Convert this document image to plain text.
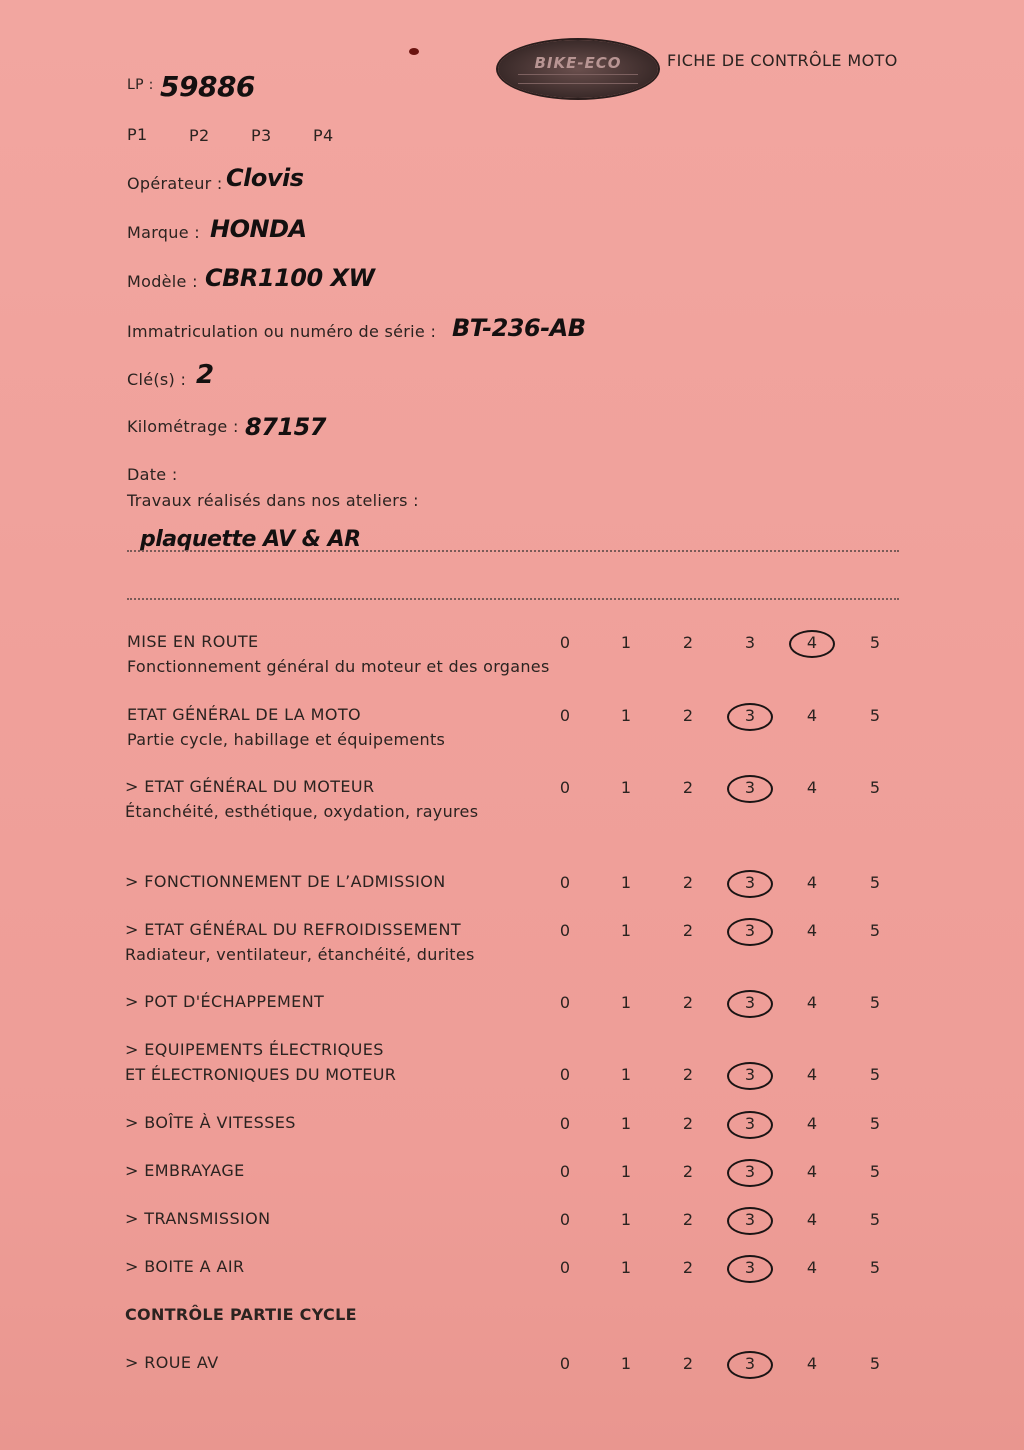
BIKE-ECO	FICHE DE CONTRÔLE MOTO
LP : 59886
P1	P2	P3	P4
Opérateur : Clovis
Marque : HONDA
Modèle : CBR1100 XW
Immatriculation ou numéro de série : BT-236-AB
Clé(s) : 2
Kilométrage : 87157
Date :
Travaux réalisés dans nos ateliers :
plaquette AV & AR
MISE EN ROUTE
Fonctionnement général du moteur et des organes
0	1	2	3	4	5
ETAT GÉNÉRAL DE LA MOTO
Partie cycle, habillage et équipements
0	1	2	3	4	5
> ETAT GÉNÉRAL DU MOTEUR
Étanchéité, esthétique, oxydation, rayures
0	1	2	3	4	5
> FONCTIONNEMENT DE L’ADMISSION	0	1	2	3	4	5
> ETAT GÉNÉRAL DU REFROIDISSEMENT
Radiateur, ventilateur, étanchéité, durites
0	1	2	3	4	5
> POT D'ÉCHAPPEMENT	0	1	2	3	4	5
> EQUIPEMENTS ÉLECTRIQUES
ET ÉLECTRONIQUES DU MOTEUR	0	1	2	3	4	5
> BOÎTE À VITESSES	0	1	2	3	4	5
> EMBRAYAGE	0	1	2	3	4	5
> TRANSMISSION	0	1	2	3	4	5
> BOITE A AIR	0	1	2	3	4	5
> ROUE AV	0	1	2	3	4	5
CONTRÔLE PARTIE CYCLE
